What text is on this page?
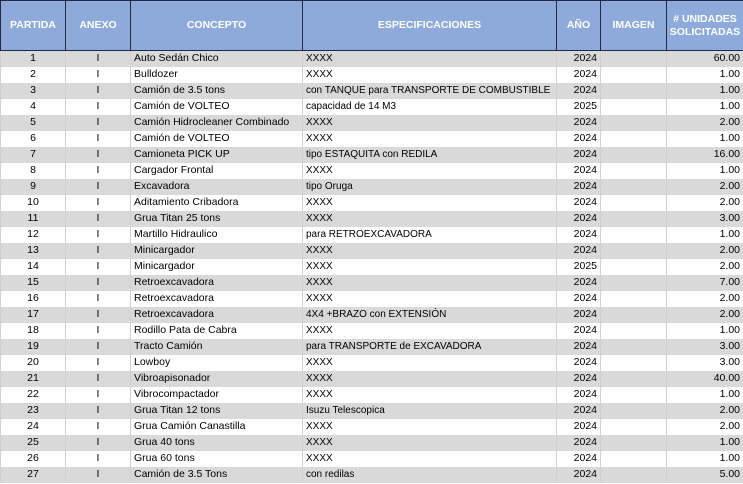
PARTIDA	ANEXO	CONCEPTO	ESPECIFICACIONES	AÑO	IMAGEN	# UNIDADES
SOLICITADAS
1	I	Auto Sedán Chico	XXXX	2024		60.00
2	I	Bulldozer	XXXX	2024		1.00
3	I	Camión de 3.5 tons	con TANQUE para TRANSPORTE DE COMBUSTIBLE	2024		1.00
4	I	Camión de VOLTEO	capacidad de 14 M3	2025		1.00
5	I	Camión Hidrocleaner Combinado	XXXX	2024		2.00
6	I	Camión de VOLTEO	XXXX	2024		1.00
7	I	Camioneta PICK UP	tipo ESTAQUITA con REDILA	2024		16.00
8	I	Cargador Frontal	XXXX	2024		1.00
9	I	Excavadora	tipo Oruga	2024		2.00
10	I	Aditamiento Cribadora	XXXX	2024		2.00
11	I	Grua Titan 25 tons	XXXX	2024		3.00
12	I	Martillo Hidraulico	para RETROEXCAVADORA	2024		1.00
13	I	Minicargador	XXXX	2024		2.00
14	I	Minicargador	XXXX	2025		2.00
15	I	Retroexcavadora	XXXX	2024		7.00
16	I	Retroexcavadora	XXXX	2024		2.00
17	I	Retroexcavadora	4X4 +BRAZO con EXTENSIÓN	2024		2.00
18	I	Rodillo Pata de Cabra	XXXX	2024		1.00
19	I	Tracto Camión	para TRANSPORTE de EXCAVADORA	2024		3.00
20	I	Lowboy	XXXX	2024		3.00
21	I	Vibroapisonador	XXXX	2024		40.00
22	I	Vibrocompactador	XXXX	2024		1.00
23	I	Grua Titan 12 tons	Isuzu Telescopica	2024		2.00
24	I	Grua Camión Canastilla	XXXX	2024		2.00
25	I	Grua 40 tons	XXXX	2024		1.00
26	I	Grua 60 tons	XXXX	2024		1.00
27	I	Camión de 3.5 Tons	con redilas	2024		5.00
